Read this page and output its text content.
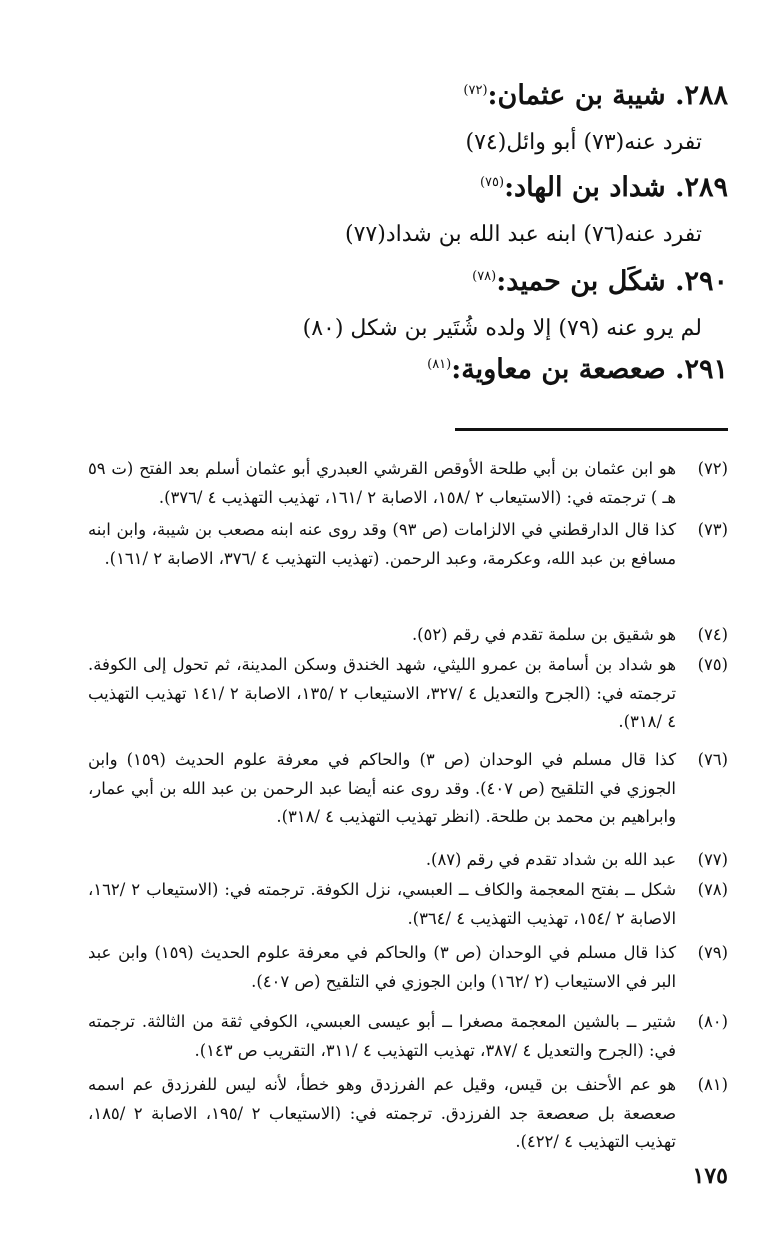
٢٨٨. شيبة بن عثمان:$^{(٧٢)}$
تفرد عنه(٧٣) أبو وائل(٧٤)
٢٨٩. شداد بن الهاد:$^{(٧٥)}$
تفرد عنه(٧٦) ابنه عبد الله بن شداد(٧٧)
٢٩٠. شكَل بن حميد:$^{(٧٨)}$
لم يرو عنه (٧٩) إلا ولده شُتَير بن شكل (٨٠)
٢٩١. صعصعة بن معاوية:$^{(٨١)}$
(٧٢)
هو ابن عثمان بن أبي طلحة الأوقص القرشي العبدري أبو عثمان أسلم بعد الفتح (ت ٥٩ هـ ) ترجمته في: (الاستيعاب ٢ /١٥٨، الاصابة ٢ /١٦١، تهذيب التهذيب ٤ /٣٧٦).
(٧٣)
كذا قال الدارقطني في الالزامات (ص ٩٣) وقد روى عنه ابنه مصعب بن شيبة، وابن ابنه مسافع بن عبد الله، وعكرمة، وعبد الرحمن. (تهذيب التهذيب ٤ /٣٧٦، الاصابة ٢ /١٦١).
(٧٤)
هو شقيق بن سلمة تقدم في رقم (٥٢).
(٧٥)
هو شداد بن أسامة بن عمرو الليثي، شهد الخندق وسكن المدينة، ثم تحول إلى الكوفة. ترجمته في: (الجرح والتعديل ٤ /٣٢٧، الاستيعاب ٢ /١٣٥، الاصابة ٢ /١٤١ تهذيب التهذيب ٤ /٣١٨).
(٧٦)
كذا قال مسلم في الوحدان (ص ٣) والحاكم في معرفة علوم الحديث (١٥٩) وابن الجوزي في التلقيح (ص ٤٠٧). وقد روى عنه أيضا عبد الرحمن بن عبد الله بن أبي عمار، وابراهيم بن محمد بن طلحة. (انظر تهذيب التهذيب ٤ /٣١٨).
(٧٧)
عبد الله بن شداد تقدم في رقم (٨٧).
(٧٨)
شكل ــ بفتح المعجمة والكاف ــ العبسي، نزل الكوفة. ترجمته في: (الاستيعاب ٢ /١٦٢، الاصابة ٢ /١٥٤، تهذيب التهذيب ٤ /٣٦٤).
(٧٩)
كذا قال مسلم في الوحدان (ص ٣) والحاكم في معرفة علوم الحديث (١٥٩) وابن عبد البر في الاستيعاب (٢ /١٦٢) وابن الجوزي في التلقيح (ص ٤٠٧).
(٨٠)
شتير ــ بالشين المعجمة مصغرا ــ أبو عيسى العبسي، الكوفي ثقة من الثالثة. ترجمته في: (الجرح والتعديل ٤ /٣٨٧، تهذيب التهذيب ٤ /٣١١، التقريب ص ١٤٣).
(٨١)
هو عم الأحنف بن قيس، وقيل عم الفرزدق وهو خطأ، لأنه ليس للفرزدق عم اسمه صعصعة بل صعصعة جد الفرزدق. ترجمته في: (الاستيعاب ٢ /١٩٥، الاصابة ٢ /١٨٥، تهذيب التهذيب ٤ /٤٢٢).
١٧٥
